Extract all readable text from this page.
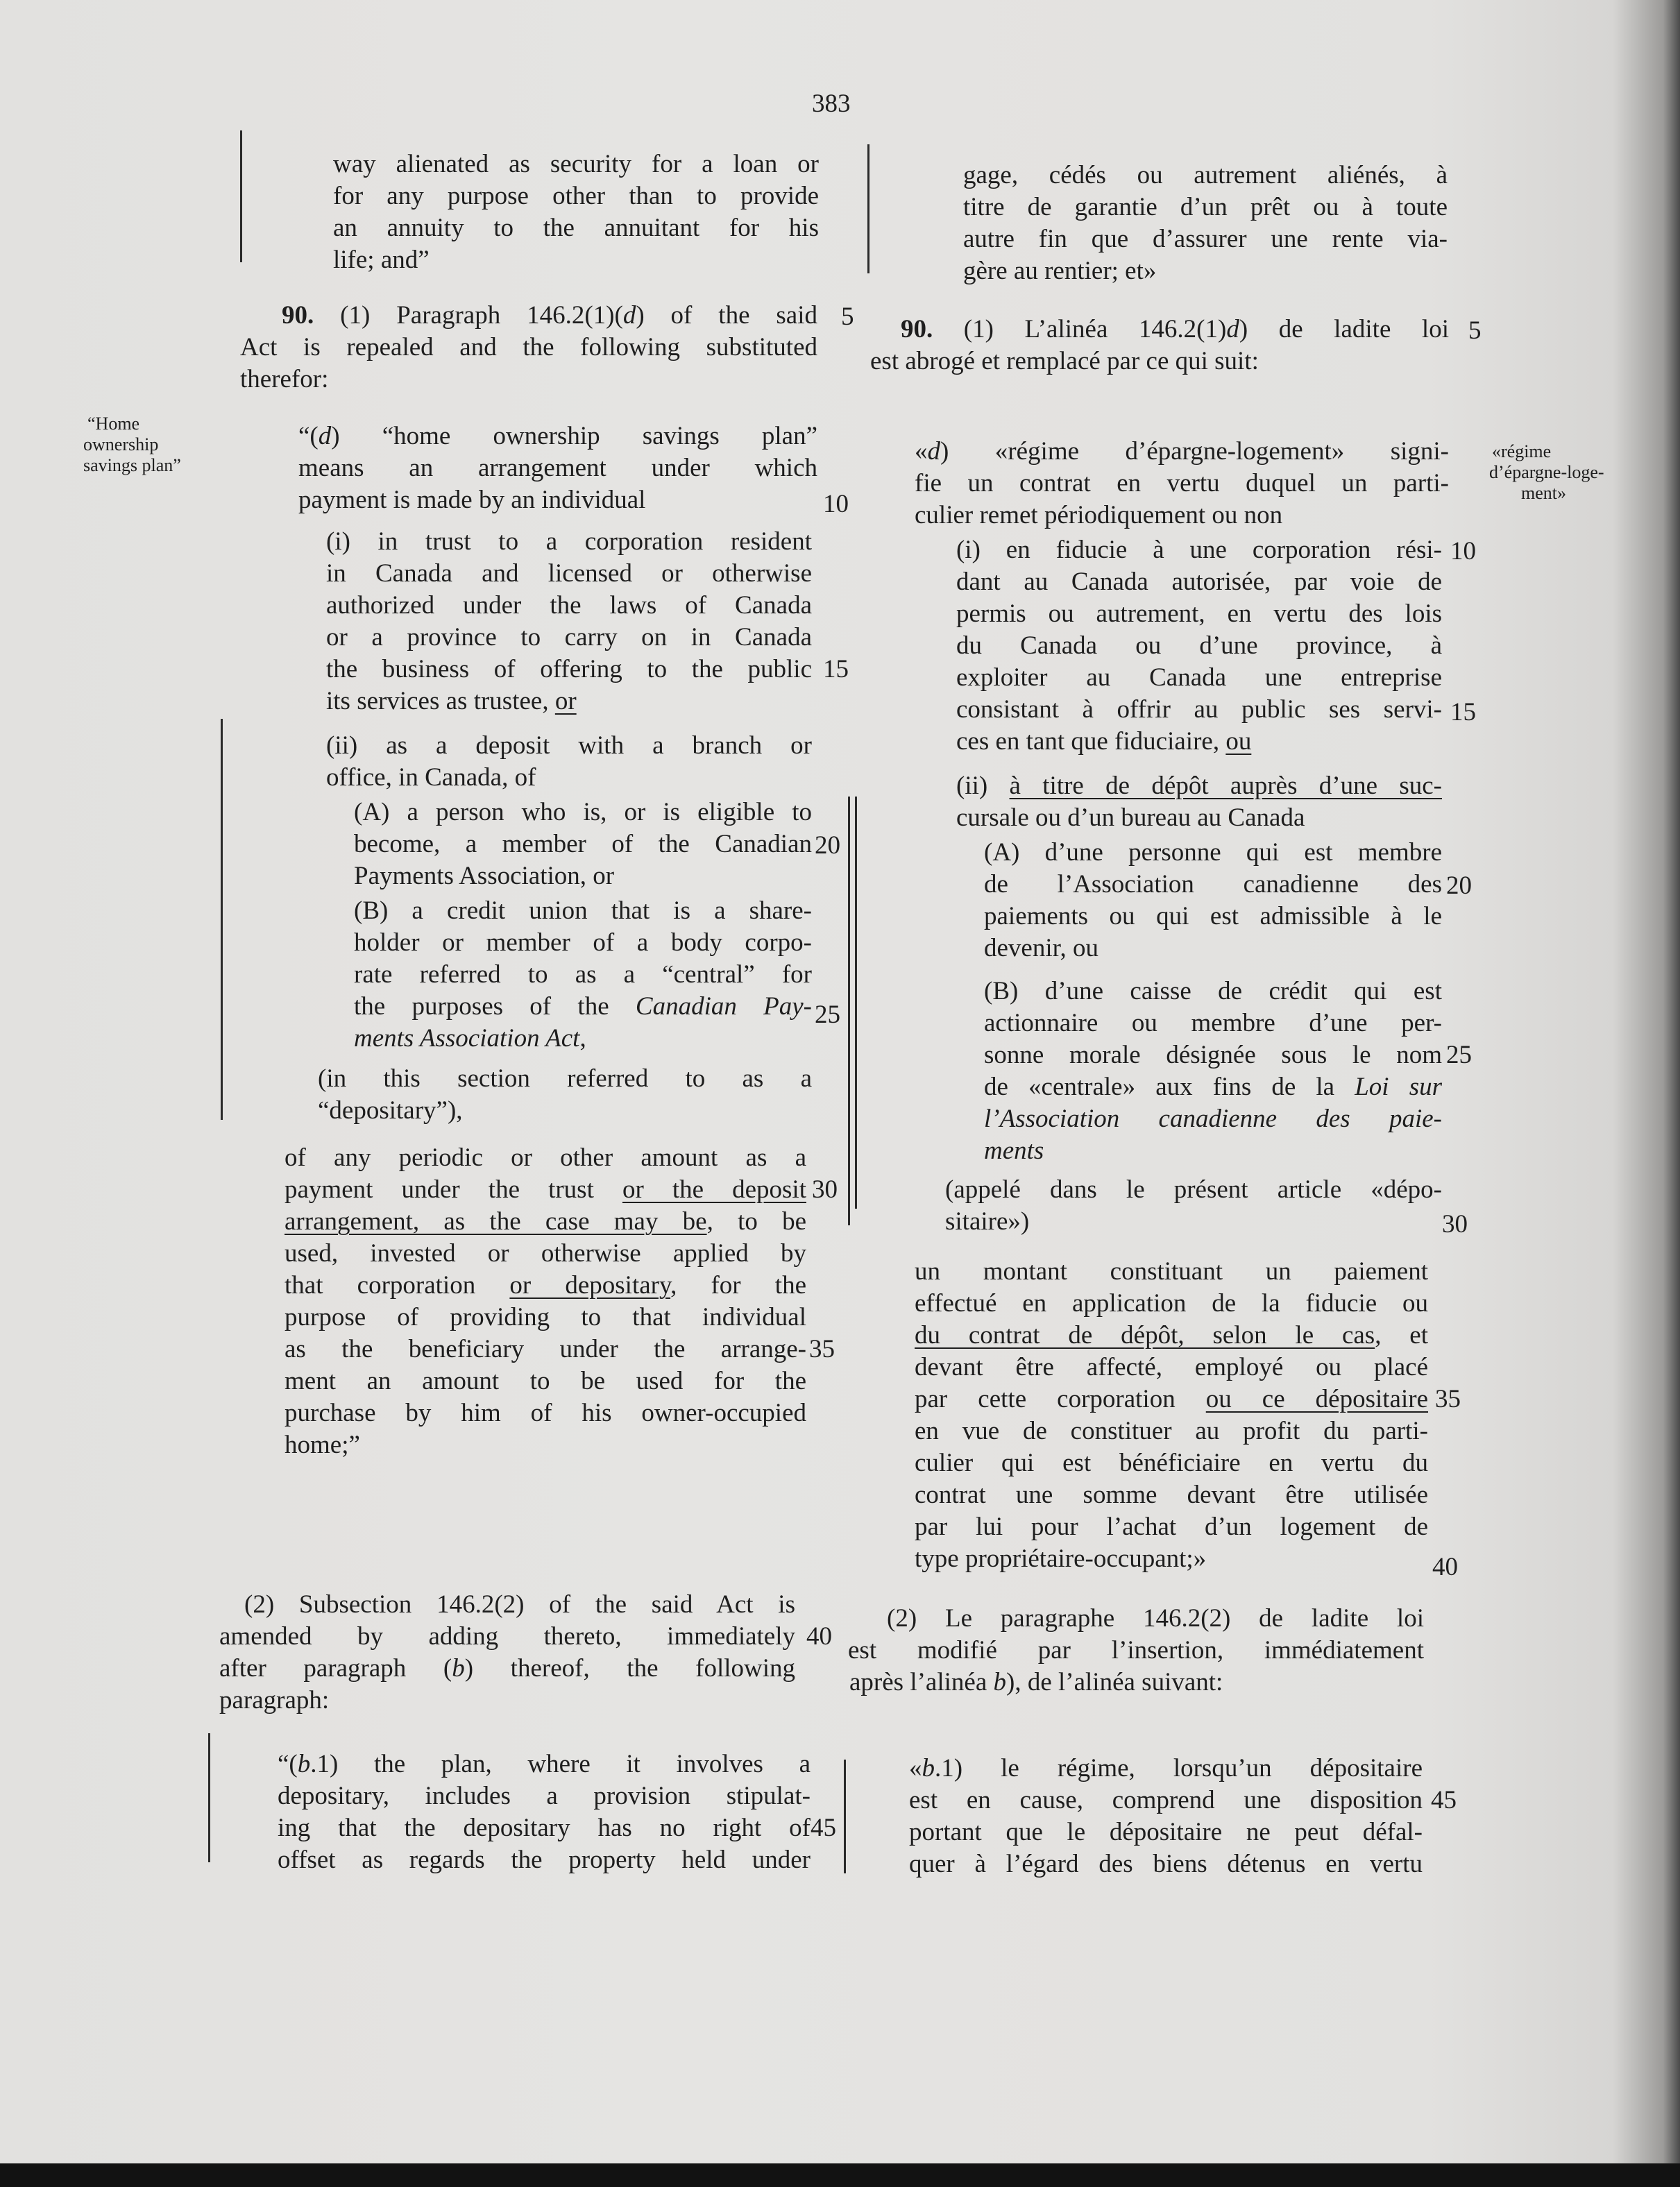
383
way alienated as security for a loan or
for any purpose other than to provide
an annuity to the annuitant for his
life; and”
90. (1) Paragraph 146.2(1)(d) of the said
Act is repealed and the following substituted
therefor:
“Home
ownership
savings plan”
“(d) “home ownership savings plan”
means an arrangement under which
payment is made by an individual
(i) in trust to a corporation resident
in Canada and licensed or otherwise
authorized under the laws of Canada
or a province to carry on in Canada
the business of offering to the public
its services as trustee, or
(ii) as a deposit with a branch or
office, in Canada, of
(A) a person who is, or is eligible to
become, a member of the Canadian
Payments Association, or
(B) a credit union that is a share-
holder or member of a body corpo-
rate referred to as a “central” for
the purposes of the Canadian Pay-
ments Association Act,
(in this section referred to as a
“depositary”),
of any periodic or other amount as a
payment under the trust or the deposit
arrangement, as the case may be, to be
used, invested or otherwise applied by
that corporation or depositary, for the
purpose of providing to that individual
as the beneficiary under the arrange-
ment an amount to be used for the
purchase by him of his owner-occupied
home;”
(2) Subsection 146.2(2) of the said Act is
amended by adding thereto, immediately
after paragraph (b) thereof, the following
paragraph:
“(b.1) the plan, where it involves a
depositary, includes a provision stipulat-
ing that the depositary has no right of
offset as regards the property held under
5
10
15
20
25
30
35
40
45
gage, cédés ou autrement aliénés, à
titre de garantie d’un prêt ou à toute
autre fin que d’assurer une rente via-
gère au rentier; et»
90. (1) L’alinéa 146.2(1)d) de ladite loi
est abrogé et remplacé par ce qui suit:
«régime
d’épargne-loge-
ment»
«d) «régime d’épargne-logement» signi-
fie un contrat en vertu duquel un parti-
culier remet périodiquement ou non
(i) en fiducie à une corporation rési-
dant au Canada autorisée, par voie de
permis ou autrement, en vertu des lois
du Canada ou d’une province, à
exploiter au Canada une entreprise
consistant à offrir au public ses servi-
ces en tant que fiduciaire, ou
(ii) à titre de dépôt auprès d’une suc-
cursale ou d’un bureau au Canada
(A) d’une personne qui est membre
de l’Association canadienne des
paiements ou qui est admissible à le
devenir, ou
(B) d’une caisse de crédit qui est
actionnaire ou membre d’une per-
sonne morale désignée sous le nom
de «centrale» aux fins de la Loi sur
l’Association canadienne des paie-
ments
(appelé dans le présent article «dépo-
sitaire»)
un montant constituant un paiement
effectué en application de la fiducie ou
du contrat de dépôt, selon le cas, et
devant être affecté, employé ou placé
par cette corporation ou ce dépositaire
en vue de constituer au profit du parti-
culier qui est bénéficiaire en vertu du
contrat une somme devant être utilisée
par lui pour l’achat d’un logement de
type propriétaire-occupant;»
(2) Le paragraphe 146.2(2) de ladite loi
est modifié par l’insertion, immédiatement
après l’alinéa b), de l’alinéa suivant:
«b.1) le régime, lorsqu’un dépositaire
est en cause, comprend une disposition
portant que le dépositaire ne peut défal-
quer à l’égard des biens détenus en vertu
5
10
15
20
25
30
35
40
45
